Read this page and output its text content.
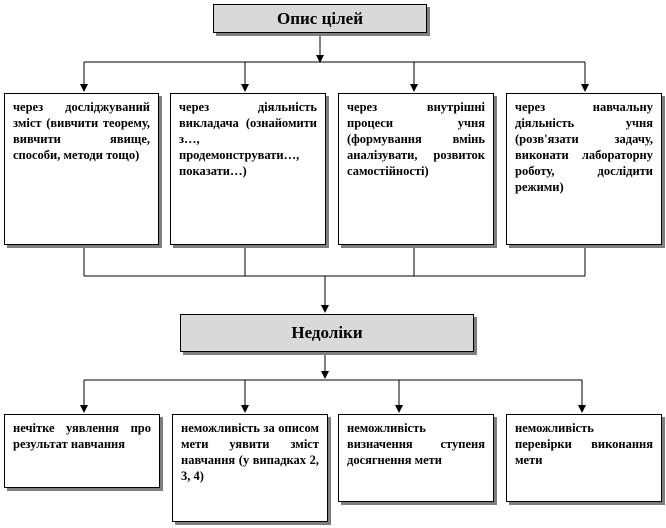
Опис цілей
через досліджуваний зміст (вивчити теорему, вивчити явище, способи, методи тощо)
через діяльність викладача (ознайомити з…, продемонструвати…, показати…)
через внутрішні процеси учня (формування вмінь аналізувати, розвиток самостійності)
через навчальну діяльність учня (розв'язати задачу, виконати лабораторну роботу, дослідити режими)
Недоліки
нечітке уявлення про результат навчання
неможливість за описом мети уявити зміст навчання (у випадках 2, 3, 4)
неможливість визначення ступеня досягнення мети
неможливість перевірки виконання мети
